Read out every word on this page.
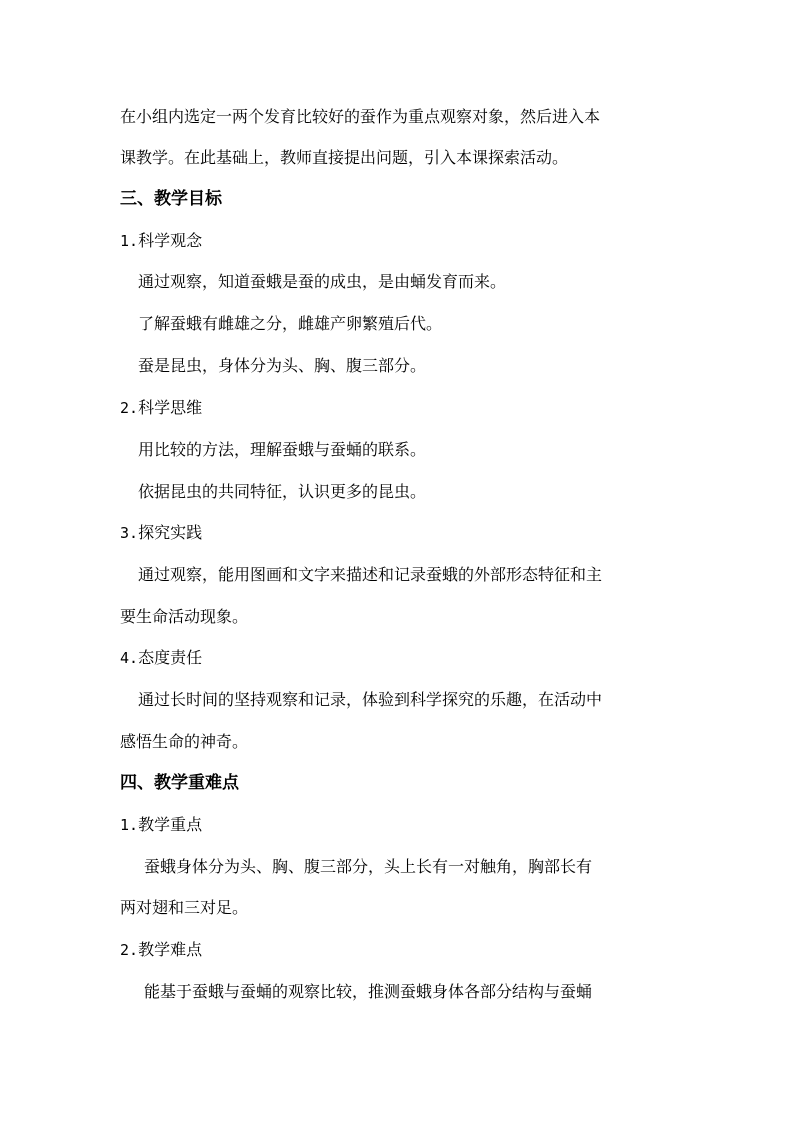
在小组内选定一两个发育比较好的蚕作为重点观察对象，然后进入本
课教学。在此基础上，教师直接提出问题，引入本课探索活动。
三、教学目标
1.科学观念
通过观察，知道蚕蛾是蚕的成虫，是由蛹发育而来。
了解蚕蛾有雌雄之分，雌雄产卵繁殖后代。
蚕是昆虫，身体分为头、胸、腹三部分。
2.科学思维
用比较的方法，理解蚕蛾与蚕蛹的联系。
依据昆虫的共同特征，认识更多的昆虫。
3.探究实践
通过观察，能用图画和文字来描述和记录蚕蛾的外部形态特征和主
要生命活动现象。
4.态度责任
通过长时间的坚持观察和记录，体验到科学探究的乐趣，在活动中
感悟生命的神奇。
四、教学重难点
1.教学重点
蚕蛾身体分为头、胸、腹三部分，头上长有一对触角，胸部长有
两对翅和三对足。
2.教学难点
能基于蚕蛾与蚕蛹的观察比较，推测蚕蛾身体各部分结构与蚕蛹
